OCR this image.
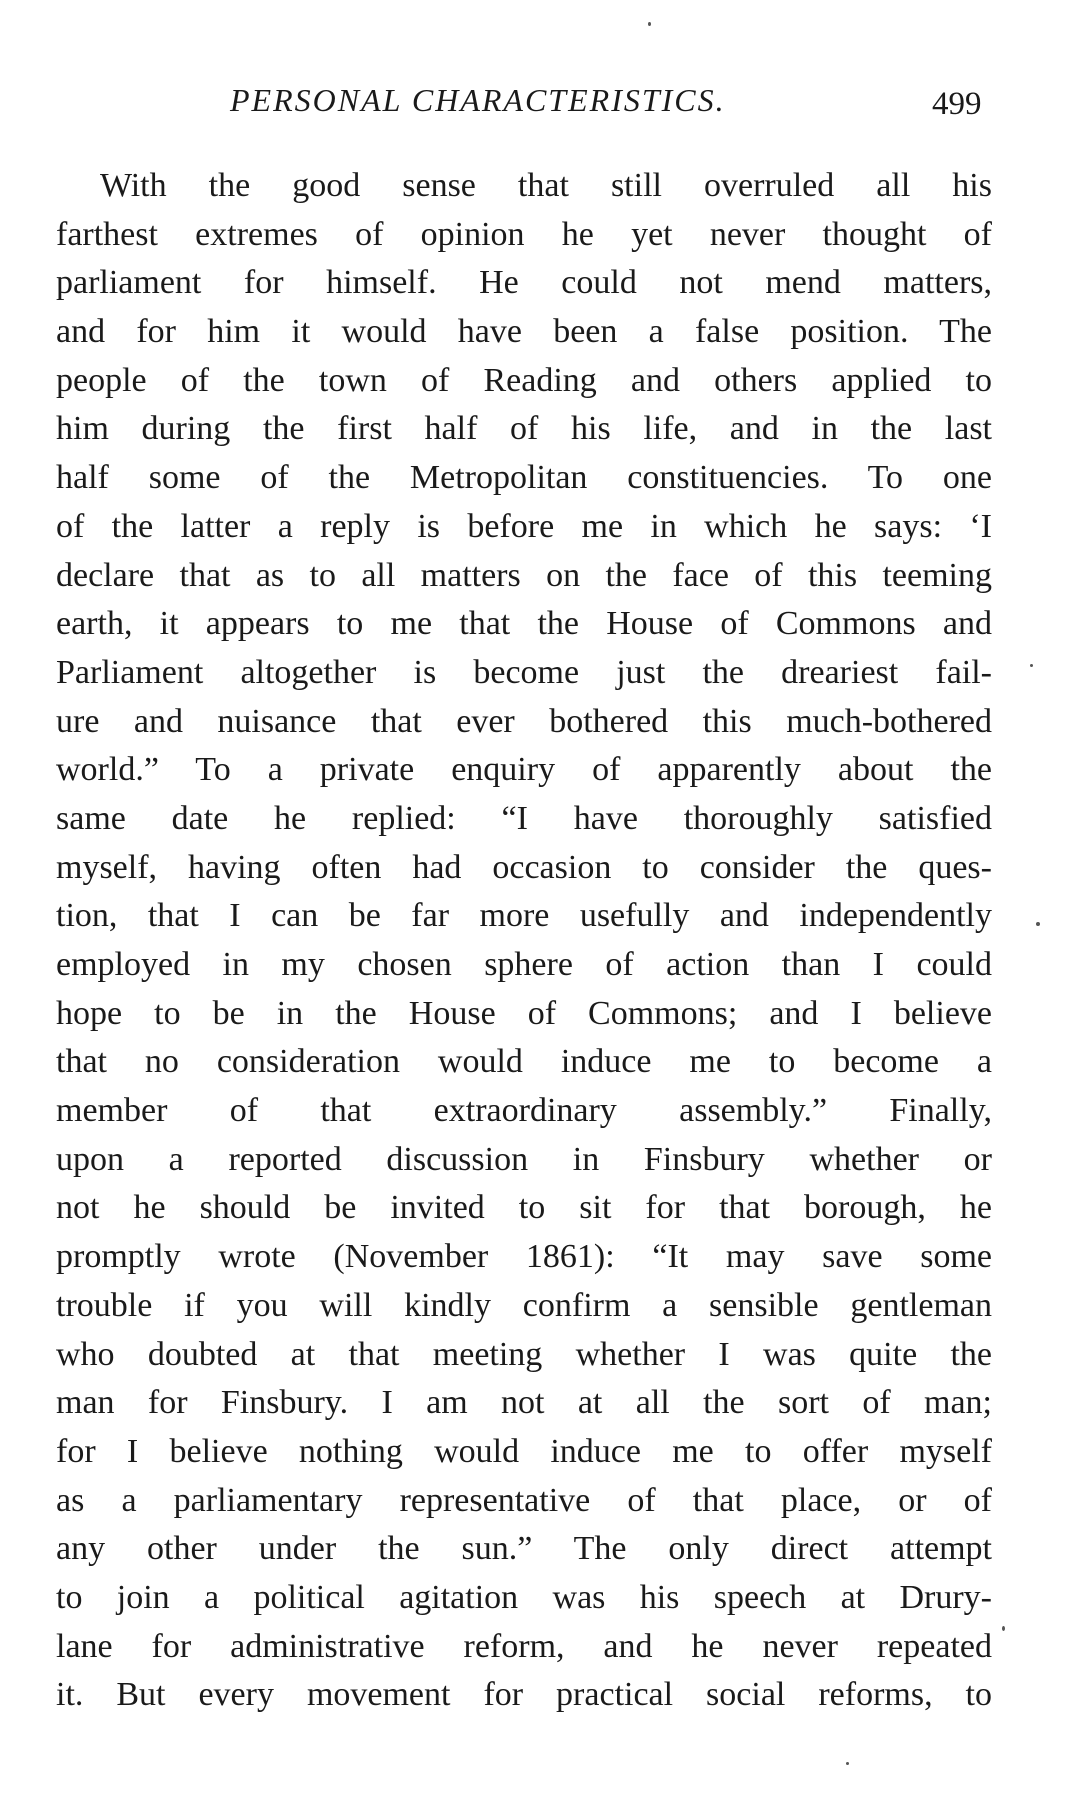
PERSONAL CHARACTERISTICS.	499
With the good sense that still overruled all his
farthest extremes of opinion he yet never thought of
parliament for himself. He could not mend matters,
and for him it would have been a false position. The
people of the town of Reading and others applied to
him during the first half of his life, and in the last
half some of the Metropolitan constituencies. To one
of the latter a reply is before me in which he says: ‘I
declare that as to all matters on the face of this teeming
earth, it appears to me that the House of Commons and
Parliament altogether is become just the dreariest fail-
ure and nuisance that ever bothered this much-bothered
world.” To a private enquiry of apparently about the
same date he replied: “I have thoroughly satisfied
myself, having often had occasion to consider the ques-
tion, that I can be far more usefully and independently
employed in my chosen sphere of action than I could
hope to be in the House of Commons; and I believe
that no consideration would induce me to become a
member of that extraordinary assembly.” Finally,
upon a reported discussion in Finsbury whether or
not he should be invited to sit for that borough, he
promptly wrote (November 1861): “It may save some
trouble if you will kindly confirm a sensible gentleman
who doubted at that meeting whether I was quite the
man for Finsbury. I am not at all the sort of man;
for I believe nothing would induce me to offer myself
as a parliamentary representative of that place, or of
any other under the sun.” The only direct attempt
to join a political agitation was his speech at Drury-
lane for administrative reform, and he never repeated
it. But every movement for practical social reforms, to
